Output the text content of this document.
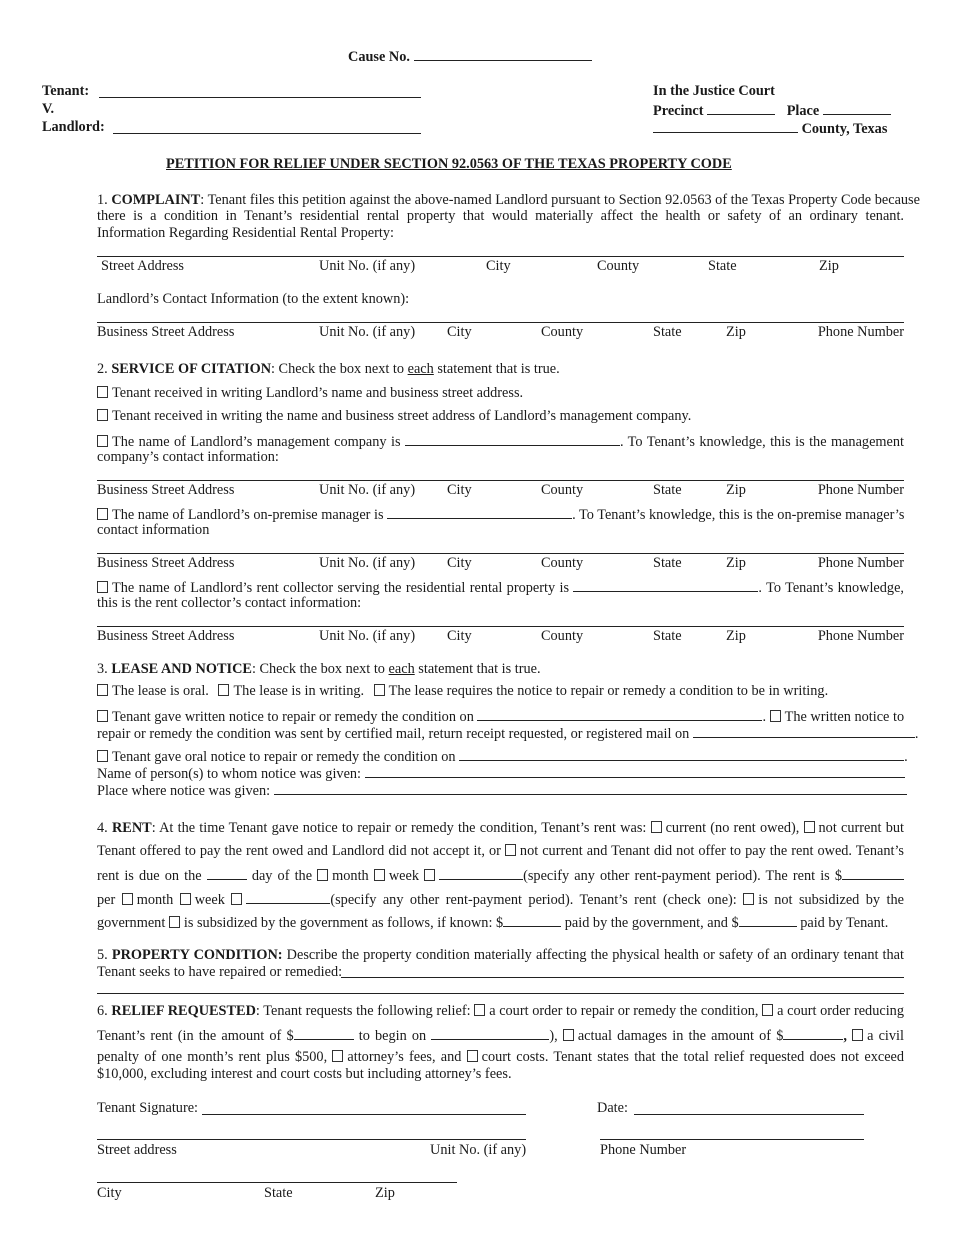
Cause No.
Tenant:
V.
Landlord:
In the Justice Court
Precinct	Place
County, Texas
PETITION FOR RELIEF UNDER SECTION 92.0563 OF THE TEXAS PROPERTY CODE
1. COMPLAINT: Tenant files this petition against the above-named Landlord pursuant to Section 92.0563 of the Texas Property Code because
there is a condition in Tenant’s residential rental property that would materially affect the health or safety of an ordinary tenant.
Information Regarding Residential Rental Property:
Street Address	Unit No. (if any)	City	County	State	Zip
Landlord’s Contact Information (to the extent known):
Business Street Address	Unit No. (if any) City	County	State	Zip	Phone Number
2. SERVICE OF CITATION: Check the box next to each statement that is true.
Tenant received in writing Landlord’s name and business street address.
Tenant received in writing the name and business street address of Landlord’s management company.
The name of Landlord’s management company is	. To Tenant’s knowledge, this is the management
company’s contact information:
Business Street Address	Unit No. (if any) City	County	State	Zip	Phone Number
The name of Landlord’s on-premise manager is	. To Tenant’s knowledge, this is the on-premise manager’s
contact information
Business Street Address	Unit No. (if any) City	County	State	Zip	Phone Number
The name of Landlord’s rent collector serving the residential rental property is	. To Tenant’s knowledge,
this is the rent collector’s contact information:
Business Street Address	Unit No. (if any) City	County	State	Zip	Phone Number
3. LEASE AND NOTICE: Check the box next to each statement that is true.
The lease is oral. The lease is in writing. The lease requires the notice to repair or remedy a condition to be in writing.
Tenant gave written notice to repair or remedy the condition on	. The written notice to
repair or remedy the condition was sent by certified mail, return receipt requested, or registered mail on	.
Tenant gave oral notice to repair or remedy the condition on	.
Name of person(s) to whom notice was given:
Place where notice was given:
4. RENT: At the time Tenant gave notice to repair or remedy the condition, Tenant’s rent was: current (no rent owed), not current but
Tenant offered to pay the rent owed and Landlord did not accept it, or not current and Tenant did not offer to pay the rent owed. Tenant’s
rent is due on the	day of the month week	(specify any other rent-payment period). The rent is $
per month week	(specify any other rent-payment period). Tenant’s rent (check one): is not subsidized by the
government is subsidized by the government as follows, if known: $	paid by the government, and $	paid by Tenant.
5. PROPERTY CONDITION: Describe the property condition materially affecting the physical health or safety of an ordinary tenant that
Tenant seeks to have repaired or remedied:
6. RELIEF REQUESTED: Tenant requests the following relief: a court order to repair or remedy the condition, a court order reducing
Tenant’s rent (in the amount of $	to begin on	), actual damages in the amount of $	, a civil
penalty of one month’s rent plus $500, attorney’s fees, and court costs. Tenant states that the total relief requested does not exceed
$10,000, excluding interest and court costs but including attorney’s fees.
Tenant Signature:	Date:
Street address	Unit No. (if any)	Phone Number
City	State	Zip
